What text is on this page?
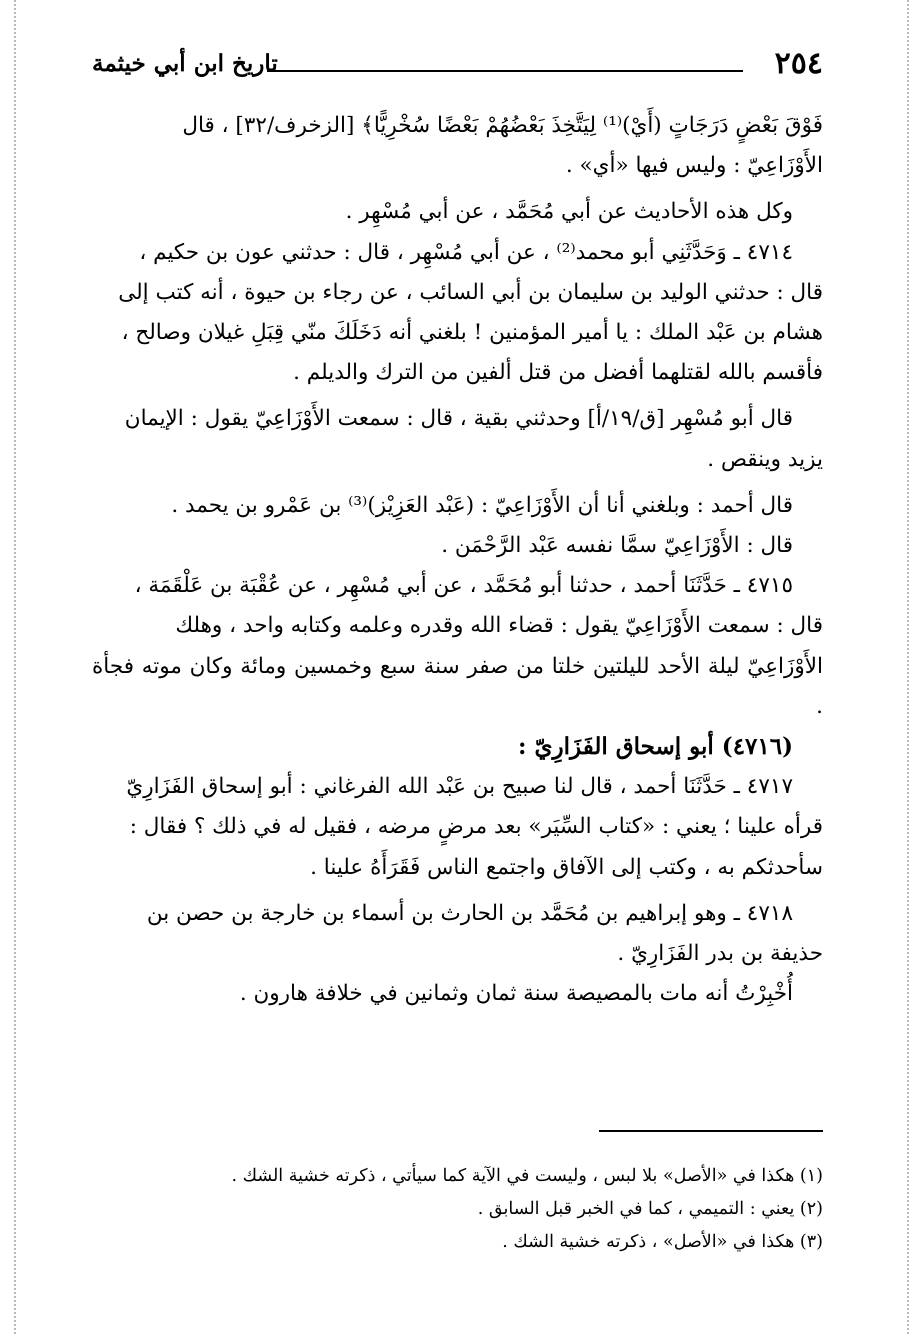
٢٥٤
تاريخ ابن أبي خيثمة

فَوْقَ بَعْضٍ دَرَجَاتٍ (أَيْ)⁽¹⁾ لِيَتَّخِذَ بَعْضُهُمْ بَعْضًا سُخْرِيًّا﴾ [الزخرف/٣٢] ، قال

الأَوْزَاعِيّ : وليس فيها «أي» .

وكل هذه الأحاديث عن أبي مُحَمَّد ، عن أبي مُسْهِر .

٤٧١٤ ـ وَحَدَّثَنِي أبو محمد⁽²⁾ ، عن أبي مُسْهِر ، قال : حدثني عون بن حكيم ،

قال : حدثني الوليد بن سليمان بن أبي السائب ، عن رجاء بن حيوة ، أنه كتب إلى

هشام بن عَبْد الملك : يا أمير المؤمنين ! بلغني أنه دَخَلَكَ منّي قِبَلِ غيلان وصالح ،

فأقسم بالله لقتلهما أفضل من قتل ألفين من الترك والديلم .

قال أبو مُسْهِر [ق/١٩/أ] وحدثني بقية ، قال : سمعت الأَوْزَاعِيّ يقول : الإيمان

يزيد وينقص .

قال أحمد : وبلغني أنا أن الأَوْزَاعِيّ : (عَبْد العَزِيْز)⁽³⁾ بن عَمْرو بن يحمد .

قال : الأَوْزَاعِيّ سمَّا نفسه عَبْد الرَّحْمَن .

٤٧١٥ ـ حَدَّثَنَا أحمد ، حدثنا أبو مُحَمَّد ، عن أبي مُسْهِر ، عن عُقْبَة بن عَلْقَمَة ،

قال : سمعت الأَوْزَاعِيّ يقول : قضاء الله وقدره وعلمه وكتابه واحد ، وهلك

الأَوْزَاعِيّ ليلة الأحد لليلتين خلتا من صفر سنة سبع وخمسين ومائة وكان موته فجأة .

(٤٧١٦) أبو إسحاق الفَزَارِيّ :

٤٧١٧ ـ حَدَّثَنَا أحمد ، قال لنا صبيح بن عَبْد الله الفرغاني : أبو إسحاق الفَزَارِيّ

قرأه علينا ؛ يعني : «كتاب السِّيَر» بعد مرضٍ مرضه ، فقيل له في ذلك ؟ فقال :

سأحدثكم به ، وكتب إلى الآفاق واجتمع الناس فَقَرَأَهُ علينا .

٤٧١٨ ـ وهو إبراهيم بن مُحَمَّد بن الحارث بن أسماء بن خارجة بن حصن بن

حذيفة بن بدر الفَزَارِيّ .

أُخْبِرْتُ أنه مات بالمصيصة سنة ثمان وثمانين في خلافة هارون .

(١) هكذا في «الأصل» بلا لبس ، وليست في الآية كما سيأتي ، ذكرته خشية الشك .

(٢) يعني : التميمي ، كما في الخبر قبل السابق .

(٣) هكذا في «الأصل» ، ذكرته خشية الشك .
